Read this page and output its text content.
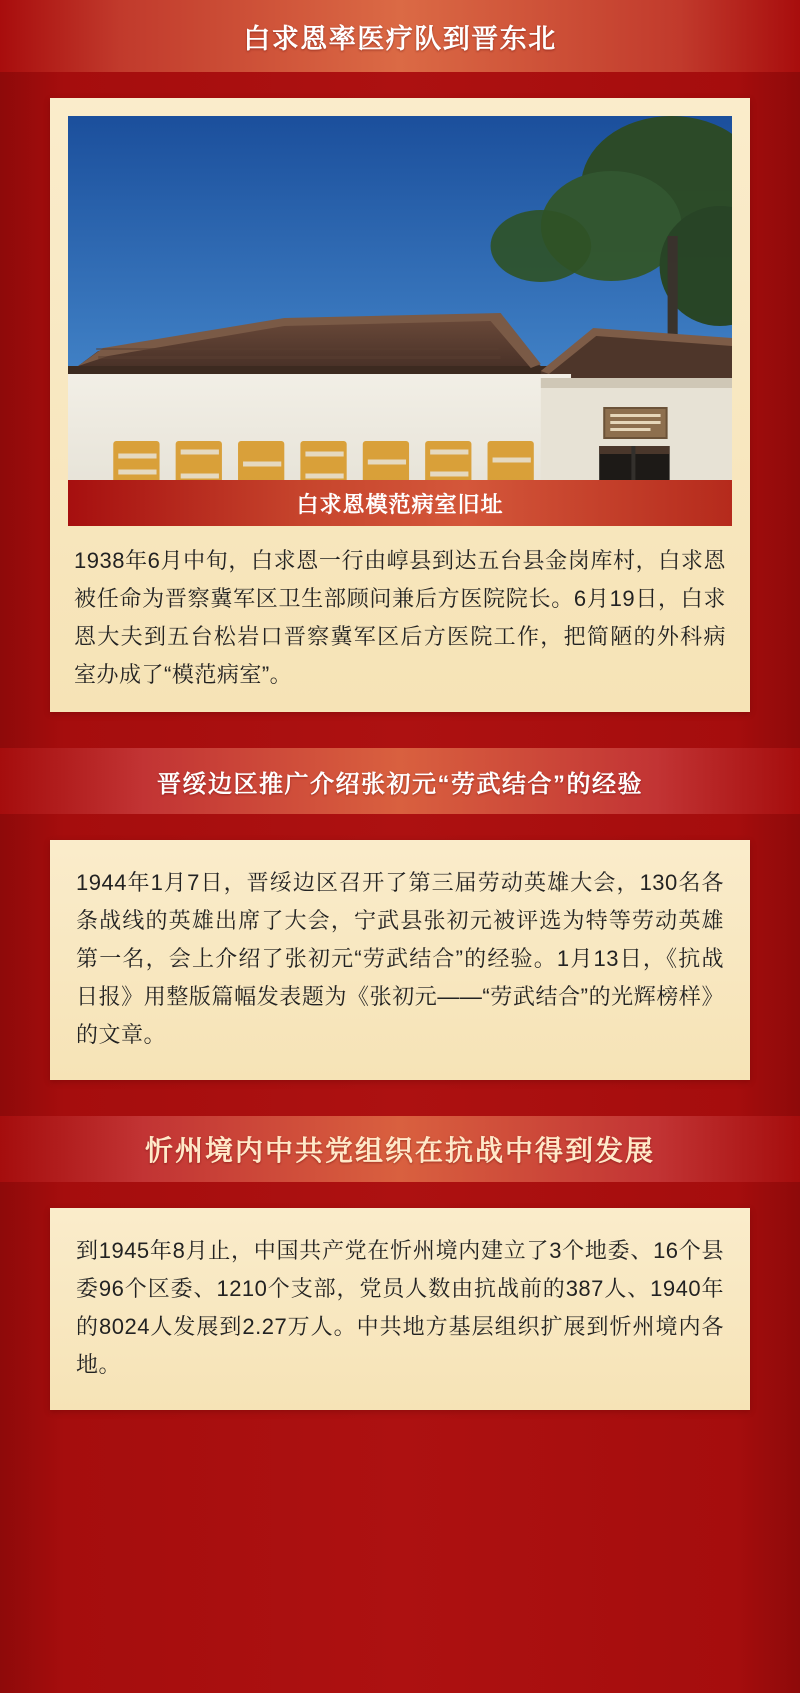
白求恩率医疗队到晋东北
白求恩模范病室旧址
1938年6月中旬，白求恩一行由崞县到达五台县金岗库村，白求恩被任命为晋察冀军区卫生部顾问兼后方医院院长。6月19日，白求恩大夫到五台松岩口晋察冀军区后方医院工作，把简陋的外科病室办成了“模范病室”。
晋绥边区推广介绍张初元“劳武结合”的经验
1944年1月7日，晋绥边区召开了第三届劳动英雄大会，130名各条战线的英雄出席了大会，宁武县张初元被评选为特等劳动英雄第一名，会上介绍了张初元“劳武结合”的经验。1月13日，《抗战日报》用整版篇幅发表题为《张初元——“劳武结合”的光辉榜样》的文章。
忻州境内中共党组织在抗战中得到发展
到1945年8月止，中国共产党在忻州境内建立了3个地委、16个县委96个区委、1210个支部，党员人数由抗战前的387人、1940年的8024人发展到2.27万人。中共地方基层组织扩展到忻州境内各地。
